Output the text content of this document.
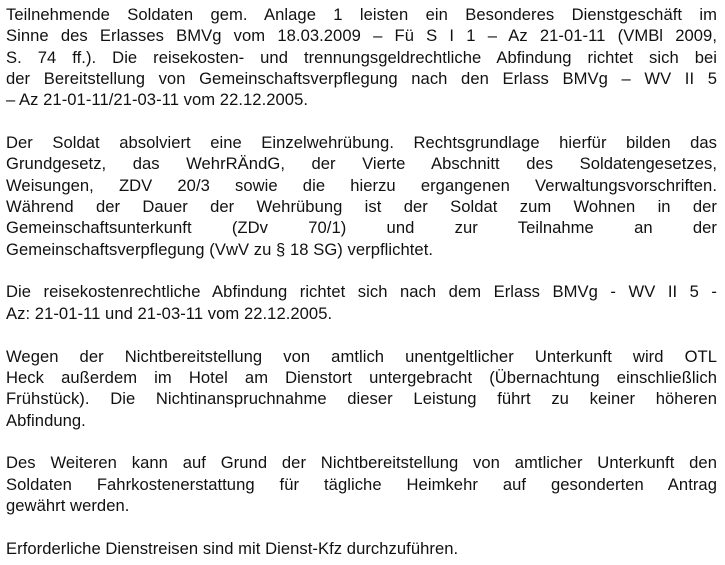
Teilnehmende Soldaten gem. Anlage 1 leisten ein Besonderes Dienstgeschäft im
Sinne des Erlasses BMVg vom 18.03.2009 – Fü S I 1 – Az 21-01-11 (VMBl 2009,
S. 74 ff.). Die reisekosten- und trennungsgeldrechtliche Abfindung richtet sich bei
der Bereitstellung von Gemeinschaftsverpflegung nach den Erlass BMVg – WV II 5
– Az 21-01-11/21-03-11 vom 22.12.2005.

Der Soldat absolviert eine Einzelwehrübung. Rechtsgrundlage hierfür bilden das
Grundgesetz, das WehrRÄndG, der Vierte Abschnitt des Soldatengesetzes,
Weisungen, ZDV 20/3 sowie die hierzu ergangenen Verwaltungsvorschriften.
Während der Dauer der Wehrübung ist der Soldat zum Wohnen in der
Gemeinschaftsunterkunft (ZDv 70/1) und zur Teilnahme an der
Gemeinschaftsverpflegung (VwV zu § 18 SG) verpflichtet.

Die reisekostenrechtliche Abfindung richtet sich nach dem Erlass BMVg - WV II 5 -
Az: 21-01-11 und 21-03-11 vom 22.12.2005.

Wegen der Nichtbereitstellung von amtlich unentgeltlicher Unterkunft wird OTL
Heck außerdem im Hotel am Dienstort untergebracht (Übernachtung einschließlich
Frühstück). Die Nichtinanspruchnahme dieser Leistung führt zu keiner höheren
Abfindung.

Des Weiteren kann auf Grund der Nichtbereitstellung von amtlicher Unterkunft den
Soldaten Fahrkostenerstattung für tägliche Heimkehr auf gesonderten Antrag
gewährt werden.

Erforderliche Dienstreisen sind mit Dienst-Kfz durchzuführen.
